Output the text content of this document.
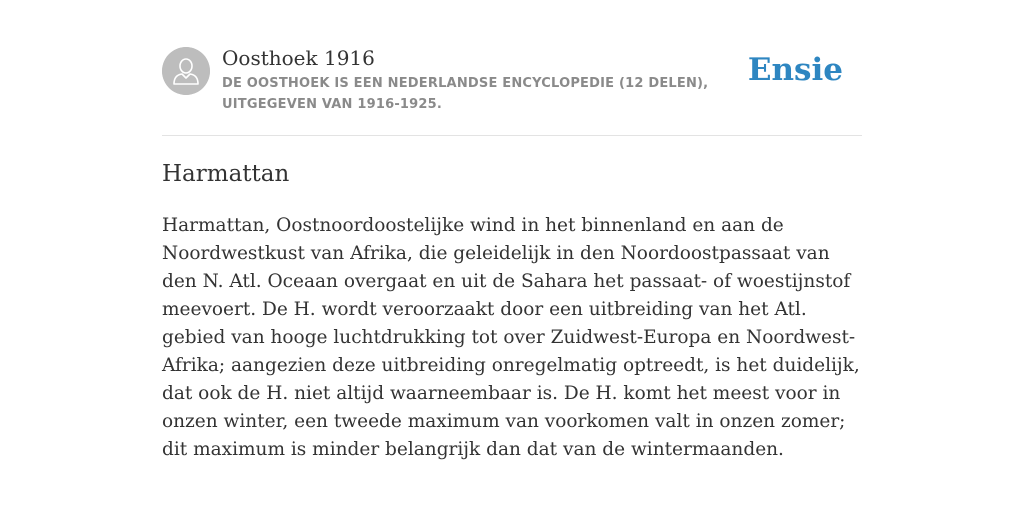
Oosthoek 1916
DE OOSTHOEK IS EEN NEDERLANDSE ENCYCLOPEDIE (12 DELEN), UITGEGEVEN VAN 1916-1925.
Ensie
Harmattan

Harmattan, Oostnoordoostelijke wind in het binnenland en aan de Noordwestkust van Afrika, die geleidelijk in den Noordoostpassaat van den N. Atl. Oceaan overgaat en uit de Sahara het passaat- of woestijnstof meevoert. De H. wordt veroorzaakt door een uitbreiding van het Atl. gebied van hooge luchtdrukking tot over Zuidwest-Europa en Noordwest-Afrika; aangezien deze uitbreiding onregelmatig optreedt, is het duidelijk, dat ook de H. niet altijd waarneembaar is. De H. komt het meest voor in onzen winter, een tweede maximum van voorkomen valt in onzen zomer; dit maximum is minder belangrijk dan dat van de wintermaanden.
